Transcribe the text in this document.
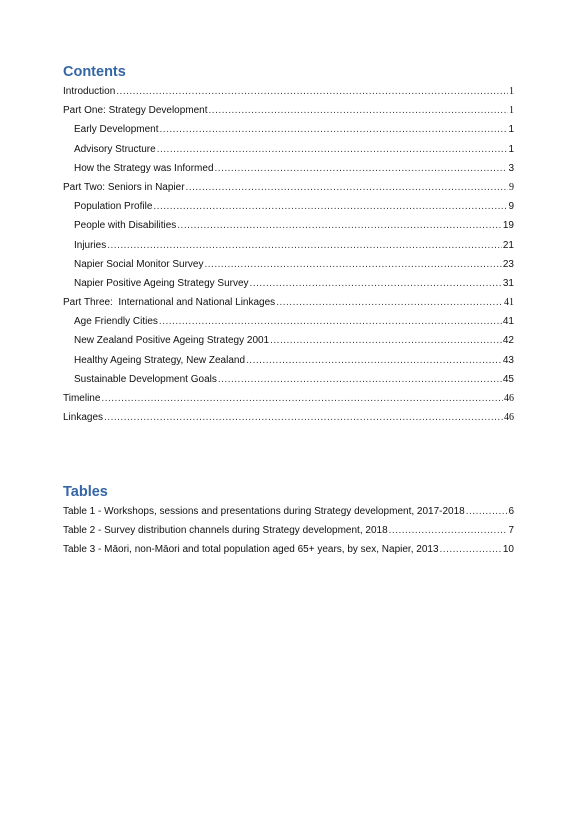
Contents
Introduction .....	1
Part One: Strategy Development .....	1
Early Development .....	1
Advisory Structure .....	1
How the Strategy was Informed .....	3
Part Two: Seniors in Napier .....	9
Population Profile .....	9
People with Disabilities .....	19
Injuries .....	21
Napier Social Monitor Survey .....	23
Napier Positive Ageing Strategy Survey .....	31
Part Three:  International and National Linkages .....	41
Age Friendly Cities .....	41
New Zealand Positive Ageing Strategy 2001 .....	42
Healthy Ageing Strategy, New Zealand .....	43
Sustainable Development Goals .....	45
Timeline .....	46
Linkages .....	46
Tables
Table 1 - Workshops, sessions and presentations during Strategy development, 2017-2018 .....	6
Table 2 - Survey distribution channels during Strategy development, 2018 .....	7
Table 3 - Māori, non-Māori and total population aged 65+ years, by sex, Napier, 2013 .....	10
